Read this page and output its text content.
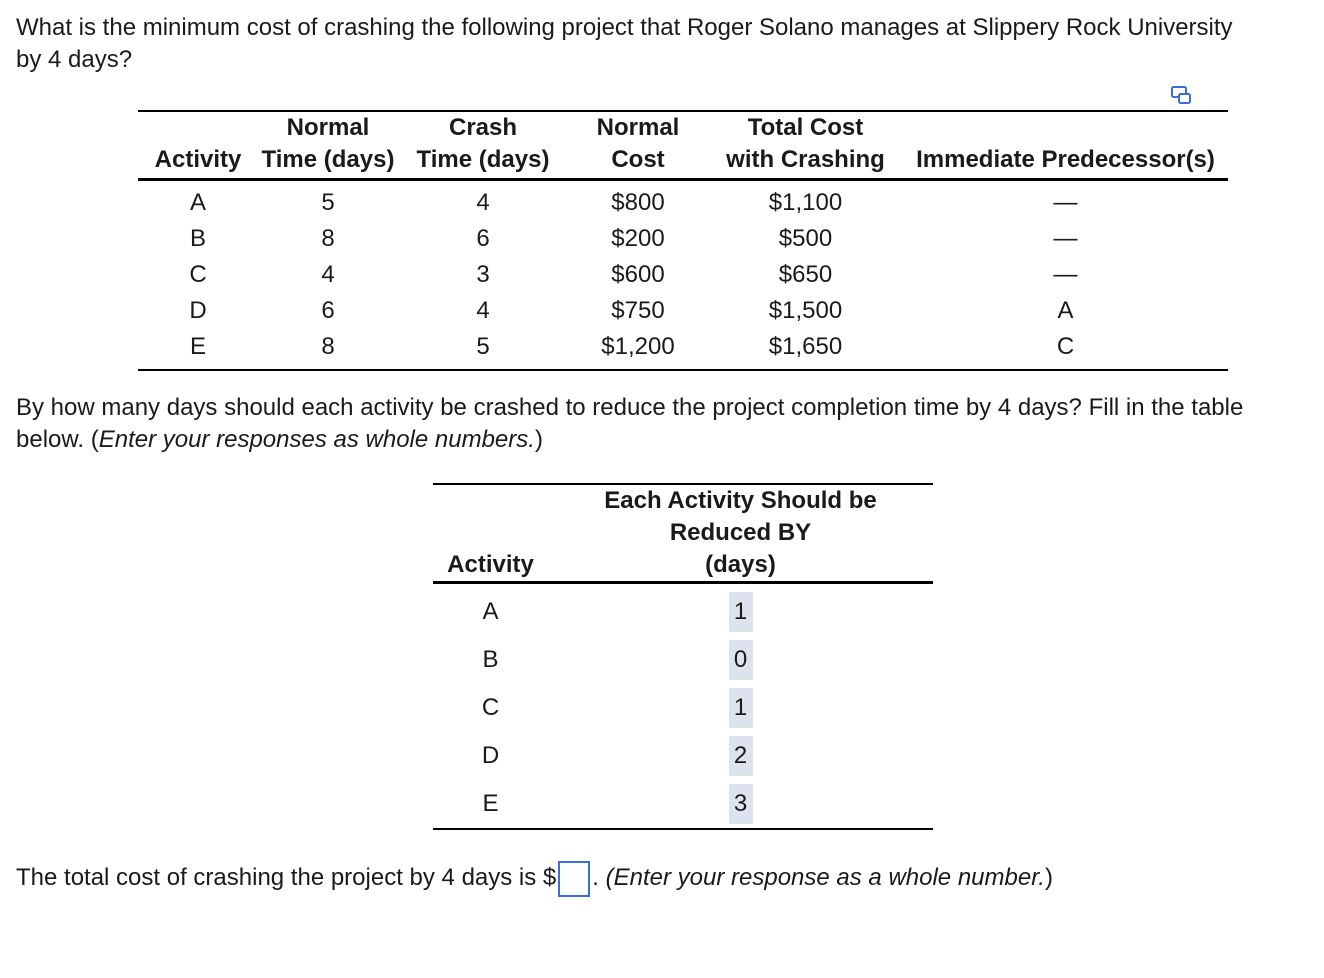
What is the minimum cost of crashing the following project that Roger Solano manages at Slippery Rock University
by 4 days?
	Normal	Crash	Normal	Total Cost	
Activity	Time (days)	Time (days)	Cost	with Crashing	Immediate Predecessor(s)
A	5	4	$800	$1,100	—
B	8	6	$200	$500	—
C	4	3	$600	$650	—
D	6	4	$750	$1,500	A
E	8	5	$1,200	$1,650	C
By how many days should each activity be crashed to reduce the project completion time by 4 days? Fill in the table
below. (Enter your responses as whole numbers.)
Activity	Each Activity Should be
Reduced BY
(days)

A	1
B	0
C	1
D	2
E	3
The total cost of crashing the project by 4 days is $ . (Enter your response as a whole number.)
